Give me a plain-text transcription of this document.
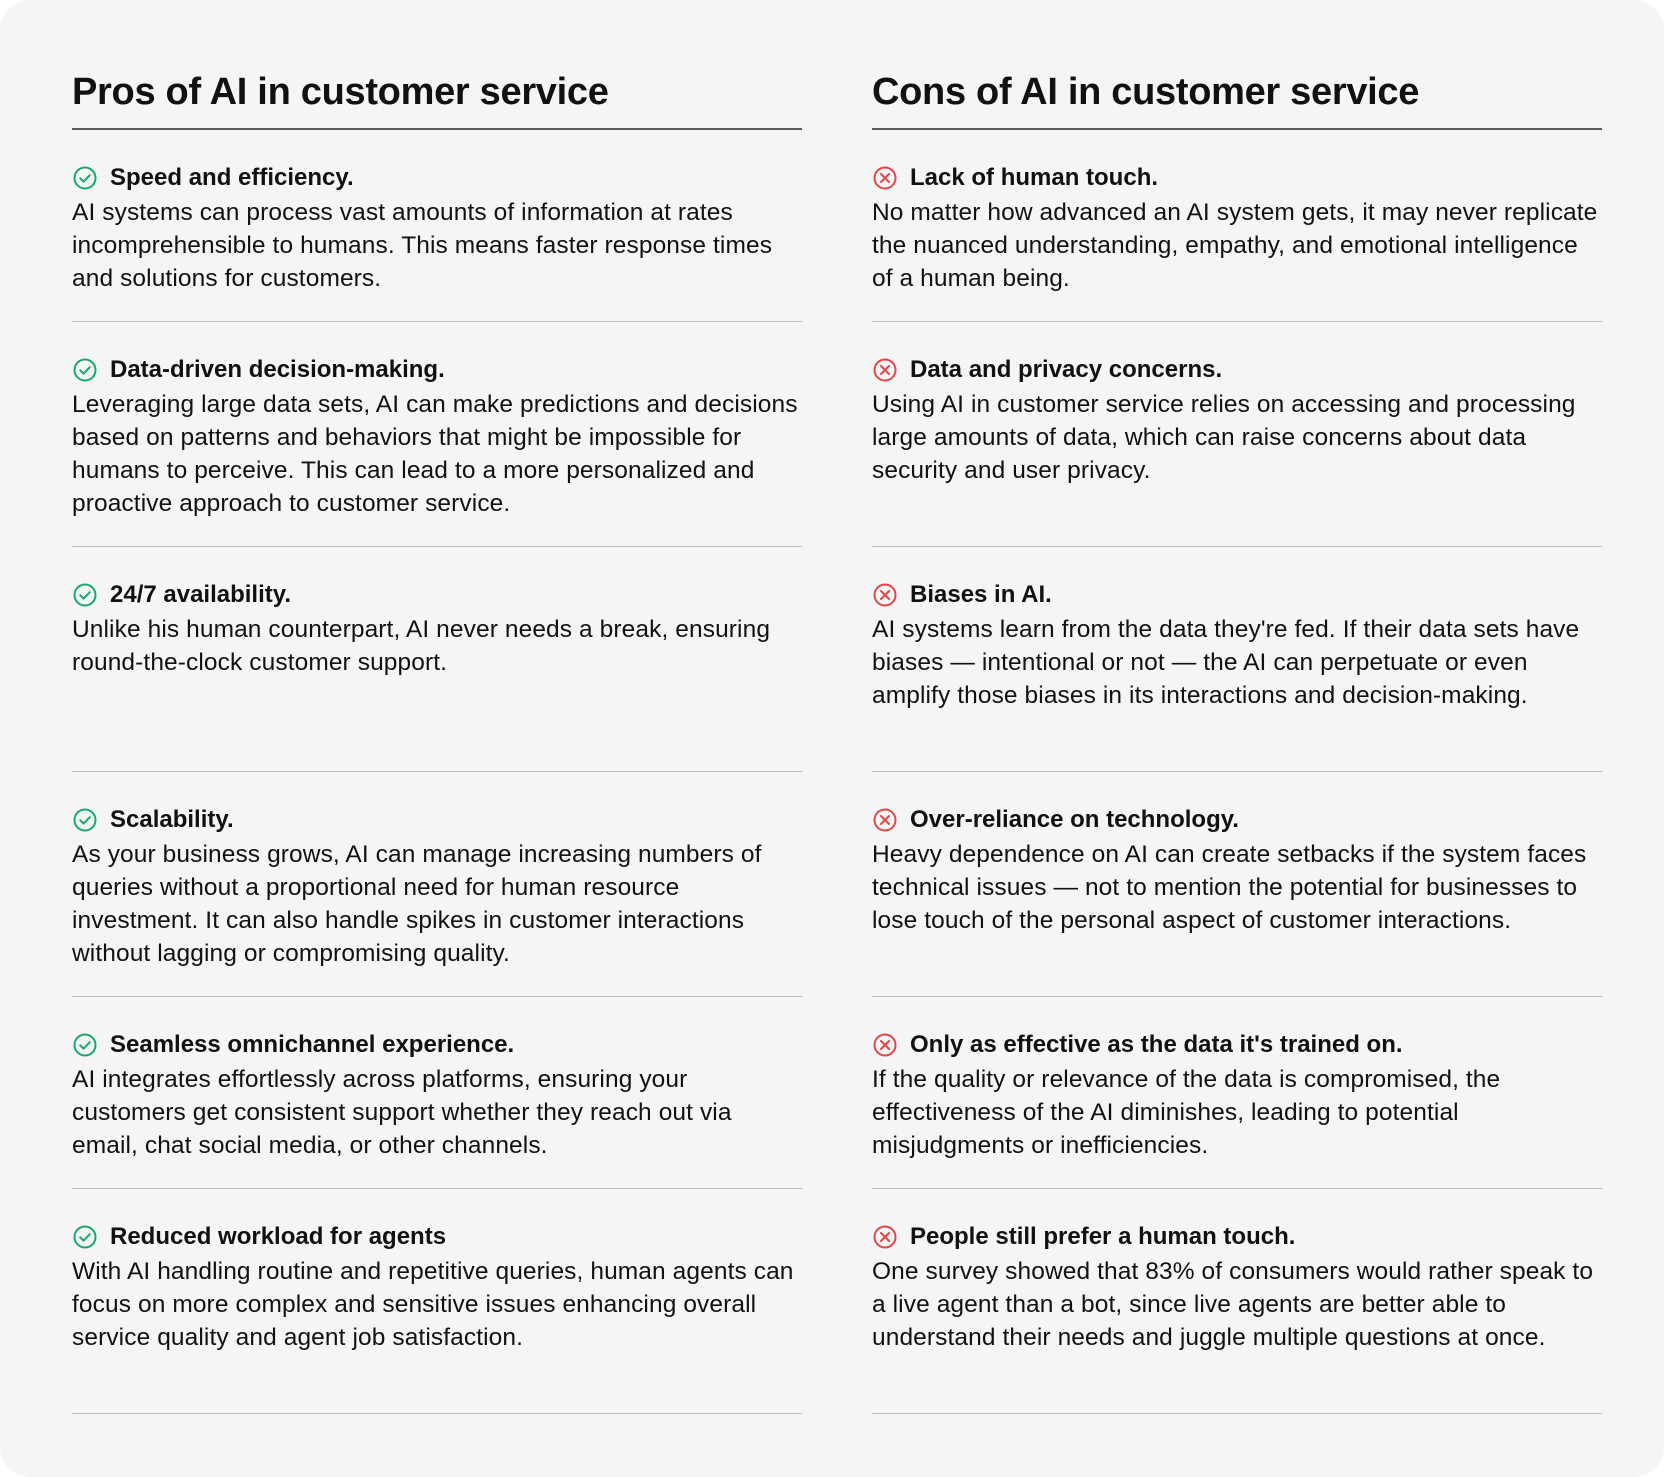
Pros of AI in customer service
Speed and efficiency.
AI systems can process vast amounts of information at rates incomprehensible to humans. This means faster response times and solutions for customers.
Data-driven decision-making.
Leveraging large data sets, AI can make predictions and decisions based on patterns and behaviors that might be impossible for humans to perceive. This can lead to a more personalized and proactive approach to customer service.
24/7 availability.
Unlike his human counterpart, AI never needs a break, ensuring round-the-clock customer support.
Scalability.
As your business grows, AI can manage increasing numbers of queries without a proportional need for human resource investment. It can also handle spikes in customer interactions without lagging or compromising quality.
Seamless omnichannel experience.
AI integrates effortlessly across platforms, ensuring your customers get consistent support whether they reach out via email, chat social media, or other channels.
Reduced workload for agents
With AI handling routine and repetitive queries, human agents can focus on more complex and sensitive issues enhancing overall service quality and agent job satisfaction.
Cons of AI in customer service
Lack of human touch.
No matter how advanced an AI system gets, it may never replicate the nuanced understanding, empathy, and emotional intelligence of a human being.
Data and privacy concerns.
Using AI in customer service relies on accessing and processing large amounts of data, which can raise concerns about data security and user privacy.
Biases in AI.
AI systems learn from the data they're fed. If their data sets have biases — intentional or not — the AI can perpetuate or even amplify those biases in its interactions and decision-making.
Over-reliance on technology.
Heavy dependence on AI can create setbacks if the system faces technical issues — not to mention the potential for businesses to lose touch of the personal aspect of customer interactions.
Only as effective as the data it's trained on.
If the quality or relevance of the data is compromised, the effectiveness of the AI diminishes, leading to potential misjudgments or inefficiencies.
People still prefer a human touch.
One survey showed that 83% of consumers would rather speak to a live agent than a bot, since live agents are better able to understand their needs and juggle multiple questions at once.
